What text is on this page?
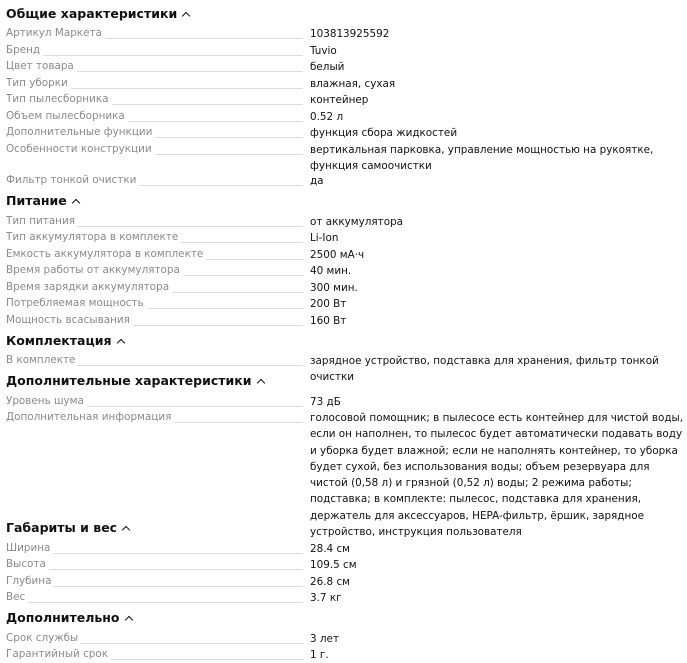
Общие характеристики
Питание
Комплектация
Дополнительные характеристики
Габариты и вес
Дополнительно
Артикул Маркета	103813925592
Бренд	Tuvio
Цвет товара	белый
Тип уборки	влажная, сухая
Тип пылесборника	контейнер
Объем пылесборника	0.52 л
Дополнительные функции	функция сбора жидкостей
Особенности конструкции	вертикальная парковка, управление мощностью на рукоятке, функция самоочистки
Фильтр тонкой очистки	да
Тип питания	от аккумулятора
Тип аккумулятора в комплекте	Li-Ion
Емкость аккумулятора в комплекте	2500 мА·ч
Время работы от аккумулятора	40 мин.
Время зарядки аккумулятора	300 мин.
Потребляемая мощность	200 Вт
Мощность всасывания	160 Вт
В комплекте	зарядное устройство, подставка для хранения, фильтр тонкой очистки
Уровень шума	73 дБ
Дополнительная информация	голосовой помощник; в пылесосе есть контейнер для чистой воды, если он наполнен, то пылесос будет автоматически подавать воду и уборка будет влажной; если не наполнять контейнер, то уборка будет сухой, без использования воды; объем резервуара для чистой (0,58 л) и грязной (0,52 л) воды; 2 режима работы; подставка; в комплекте: пылесос, подставка для хранения, держатель для аксессуаров, HEPA-фильтр, ёршик, зарядное устройство, инструкция пользователя
Ширина	28.4 см
Высота	109.5 см
Глубина	26.8 см
Вес	3.7 кг
Срок службы	3 лет
Гарантийный срок	1 г.
